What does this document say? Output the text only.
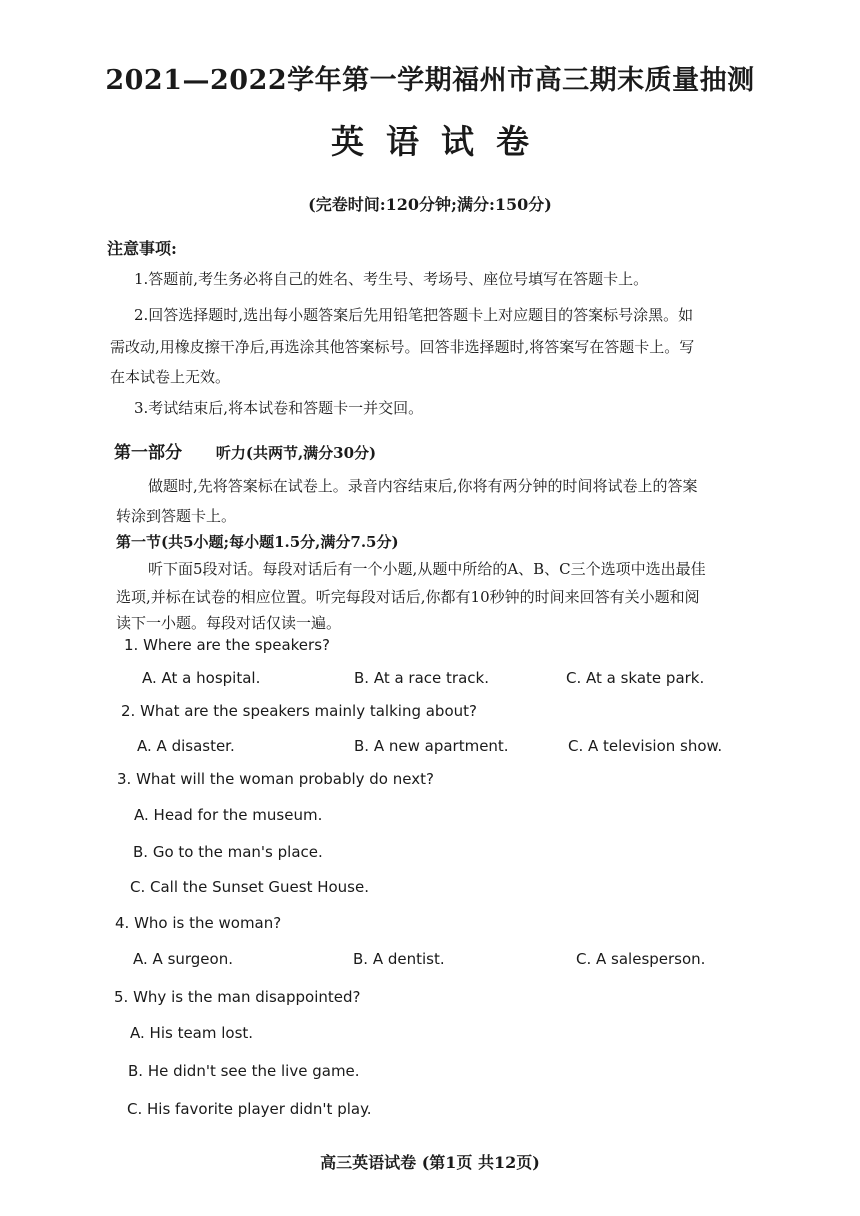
2021—2022学年第一学期福州市高三期末质量抽测
英语试卷
(完卷时间:120分钟;满分:150分)
注意事项:
1.答题前,考生务必将自己的姓名、考生号、考场号、座位号填写在答题卡上。
2.回答选择题时,选出每小题答案后先用铅笔把答题卡上对应题目的答案标号涂黑。如
需改动,用橡皮擦干净后,再选涂其他答案标号。回答非选择题时,将答案写在答题卡上。写
在本试卷上无效。
3.考试结束后,将本试卷和答题卡一并交回。
第一部分 听力(共两节,满分30分)
做题时,先将答案标在试卷上。录音内容结束后,你将有两分钟的时间将试卷上的答案
转涂到答题卡上。
第一节(共5小题;每小题1.5分,满分7.5分)
听下面5段对话。每段对话后有一个小题,从题中所给的A、B、C三个选项中选出最佳
选项,并标在试卷的相应位置。听完每段对话后,你都有10秒钟的时间来回答有关小题和阅
读下一小题。每段对话仅读一遍。
1. Where are the speakers?
A. At a hospital.	B. At a race track.	C. At a skate park.
2. What are the speakers mainly talking about?
A. A disaster.	B. A new apartment.	C. A television show.
3. What will the woman probably do next?
A. Head for the museum.
B. Go to the man's place.
C. Call the Sunset Guest House.
4. Who is the woman?
A. A surgeon.	B. A dentist.	C. A salesperson.
5. Why is the man disappointed?
A. His team lost.
B. He didn't see the live game.
C. His favorite player didn't play.
高三英语试卷 (第1页 共12页)
